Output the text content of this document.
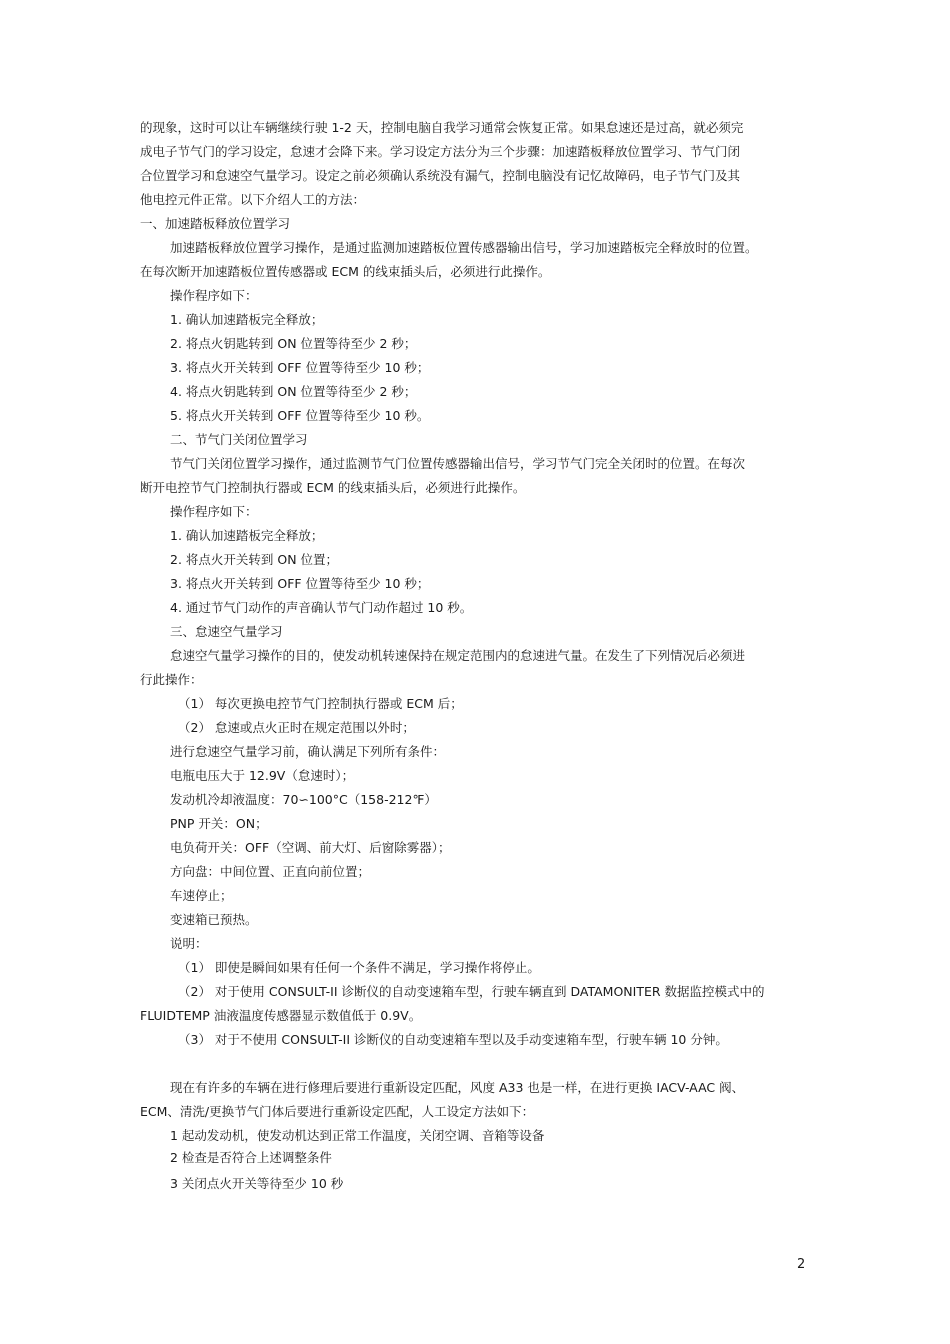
的现象，这时可以让车辆继续行驶 1-2 天，控制电脑自我学习通常会恢复正常。如果怠速还是过高，就必须完
成电子节气门的学习设定，怠速才会降下来。学习设定方法分为三个步骤：加速踏板释放位置学习、节气门闭
合位置学习和怠速空气量学习。设定之前必须确认系统没有漏气，控制电脑没有记忆故障码，电子节气门及其
他电控元件正常。以下介绍人工的方法：
一、加速踏板释放位置学习
加速踏板释放位置学习操作，是通过监测加速踏板位置传感器输出信号，学习加速踏板完全释放时的位置。
在每次断开加速踏板位置传感器或 ECM 的线束插头后，必须进行此操作。
操作程序如下：
1. 确认加速踏板完全释放；
2. 将点火钥匙转到 ON 位置等待至少 2 秒；
3. 将点火开关转到 OFF 位置等待至少 10 秒；
4. 将点火钥匙转到 ON 位置等待至少 2 秒；
5. 将点火开关转到 OFF 位置等待至少 10 秒。
二、节气门关闭位置学习
节气门关闭位置学习操作，通过监测节气门位置传感器输出信号，学习节气门完全关闭时的位置。在每次
断开电控节气门控制执行器或 ECM 的线束插头后，必须进行此操作。
操作程序如下：
1. 确认加速踏板完全释放；
2. 将点火开关转到 ON 位置；
3. 将点火开关转到 OFF 位置等待至少 10 秒；
4. 通过节气门动作的声音确认节气门动作超过 10 秒。
三、怠速空气量学习
怠速空气量学习操作的目的，使发动机转速保持在规定范围内的怠速进气量。在发生了下列情况后必须进
行此操作：
（1） 每次更换电控节气门控制执行器或 ECM 后；
（2） 怠速或点火正时在规定范围以外时；
进行怠速空气量学习前，确认满足下列所有条件：
电瓶电压大于 12.9V（怠速时）；
发动机冷却液温度：70∽100°C（158-212℉）
PNP 开关：ON；
电负荷开关：OFF（空调、前大灯、后窗除雾器）；
方向盘：中间位置、正直向前位置；
车速停止；
变速箱已预热。
说明：
（1） 即使是瞬间如果有任何一个条件不满足，学习操作将停止。
（2） 对于使用 CONSULT-II 诊断仪的自动变速箱车型，行驶车辆直到 DATAMONITER 数据监控模式中的
FLUIDTEMP 油液温度传感器显示数值低于 0.9V。
（3） 对于不使用 CONSULT-II 诊断仪的自动变速箱车型以及手动变速箱车型，行驶车辆 10 分钟。
现在有许多的车辆在进行修理后要进行重新设定匹配，风度 A33 也是一样，在进行更换 IACV-AAC 阀、
ECM、清洗/更换节气门体后要进行重新设定匹配，人工设定方法如下：
1 起动发动机，使发动机达到正常工作温度，关闭空调、音箱等设备
2 检查是否符合上述调整条件
3 关闭点火开关等待至少 10 秒
2
